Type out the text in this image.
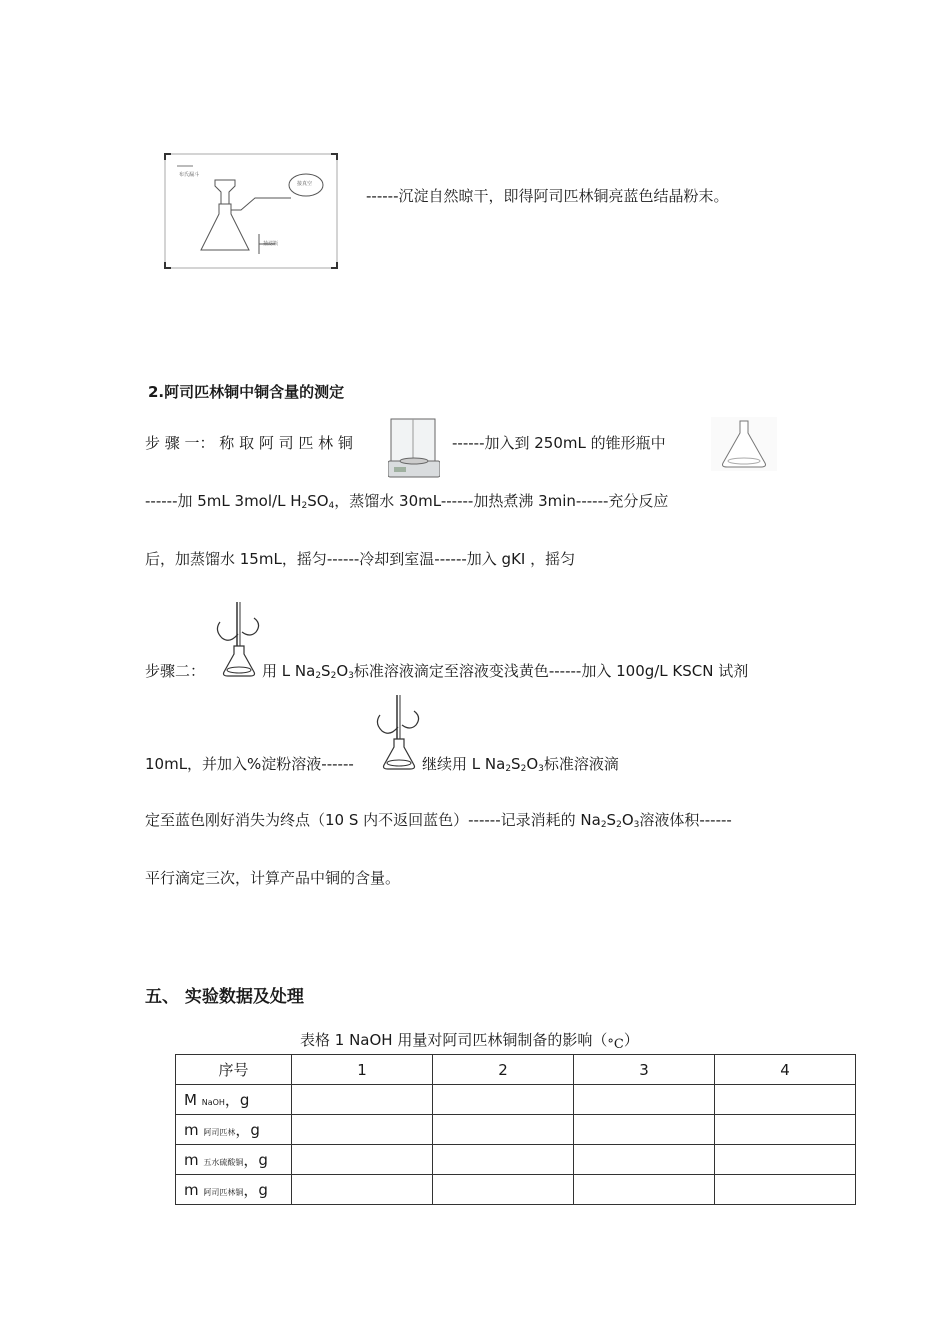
布氏漏斗
接真空
抽滤瓶
------沉淀自然晾干，即得阿司匹林铜亮蓝色结晶粉末。
2.阿司匹林铜中铜含量的测定
步 骤 一： 称 取 阿 司 匹 林 铜	------加入到 250mL 的锥形瓶中
------加 5mL 3mol/L $H_2SO_4$，蒸馏水 30mL------加热煮沸 3min------充分反应
后，加蒸馏水 15mL，摇匀------冷却到室温------加入 gKI ，摇匀
步骤二：	用 L $Na_2S_2O_3$标准溶液滴定至溶液变浅黄色------加入 100g/L KSCN 试剂
10mL，并加入%淀粉溶液------	继续用 L $Na_2S_2O_3$标准溶液滴
定至蓝色刚好消失为终点（10 S 内不返回蓝色）------记录消耗的 $Na_2S_2O_3$溶液体积------
平行滴定三次，计算产品中铜的含量。
五、 实验数据及处理
表格 1 NaOH 用量对阿司匹林铜制备的影响（°C）
序号	1	2	3	4
M NaOH，g				
m 阿司匹林，g				
m 五水硫酸铜，g				
m 阿司匹林铜，g				
